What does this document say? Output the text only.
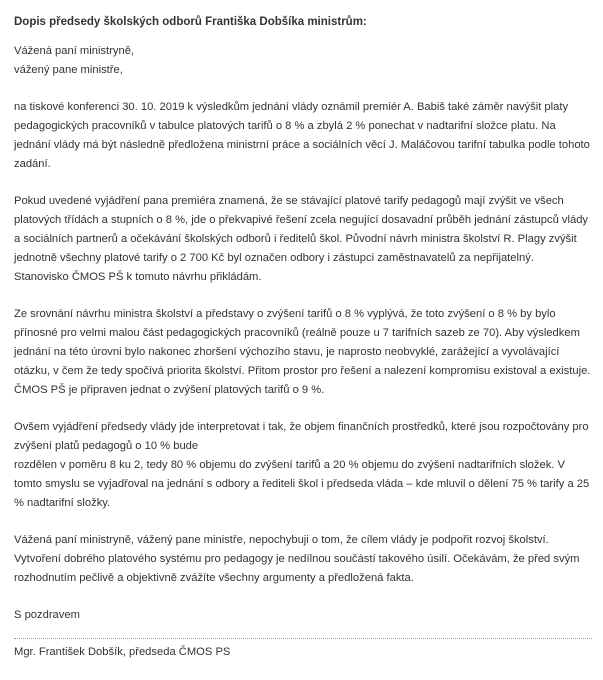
Dopis předsedy školských odborů Františka Dobšíka ministrům:
Vážená paní ministryně,
vážený pane ministře,
na tiskové konferenci 30. 10. 2019 k výsledkům jednání vlády oznámil premiér A. Babiš také záměr navýšit platy
pedagogických pracovníků v tabulce platových tarifů o 8 % a zbylá 2 % ponechat v nadtarifní složce platu. Na
jednání vlády má být následně předložena ministrní práce a sociálních věcí J. Maláčovou tarifní tabulka podle tohoto
zadání.
Pokud uvedené vyjádření pana premiéra znamená, že se stávající platové tarify pedagogů mají zvýšit ve všech
platových třídách a stupních o 8 %, jde o překvapivé řešení zcela negující dosavadní průběh jednání zástupců vlády
a sociálních partnerů a očekávání školských odborů i ředitelů škol. Původní návrh ministra školství R. Plagy zvýšit
jednotně všechny platové tarify o 2 700 Kč byl označen odbory i zástupci zaměstnavatelů za nepřijatelný.
Stanovisko ČMOS PŠ k tomuto návrhu přikládám.
Ze srovnání návrhu ministra školství a představy o zvýšení tarifů o 8 % vyplývá, že toto zvýšení o 8 % by bylo
přínosné pro velmi malou část pedagogických pracovníků (reálně pouze u 7 tarifních sazeb ze 70). Aby výsledkem
jednání na této úrovni bylo nakonec zhoršení výchozího stavu, je naprosto neobvyklé, zarážející a vyvolávající
otázku, v čem že tedy spočívá priorita školství. Přitom prostor pro řešení a nalezení kompromisu existoval a existuje.
ČMOS PŠ je připraven jednat o zvýšení platových tarifů o 9 %.
Ovšem vyjádření předsedy vlády jde interpretovat i tak, že objem finančních prostředků, které jsou rozpočtovány pro
zvýšení platů pedagogů o 10 % bude
rozdělen v poměru 8 ku 2, tedy 80 % objemu do zvýšení tarifů a 20 % objemu do zvýšení nadtarifních složek. V
tomto smyslu se vyjadřoval na jednání s odbory a řediteli škol i předseda vláda – kde mluvil o dělení 75 % tarify a 25
% nadtarifní složky.
Vážená paní ministryně, vážený pane ministře, nepochybuji o tom, že cílem vlády je podpořit rozvoj školství.
Vytvoření dobrého platového systému pro pedagogy je nedílnou součástí takového úsilí. Očekávám, že před svým
rozhodnutím pečlivě a objektivně zvážíte všechny argumenty a předložená fakta.
S pozdravem
Mgr. František Dobšík, předseda ČMOS PS
